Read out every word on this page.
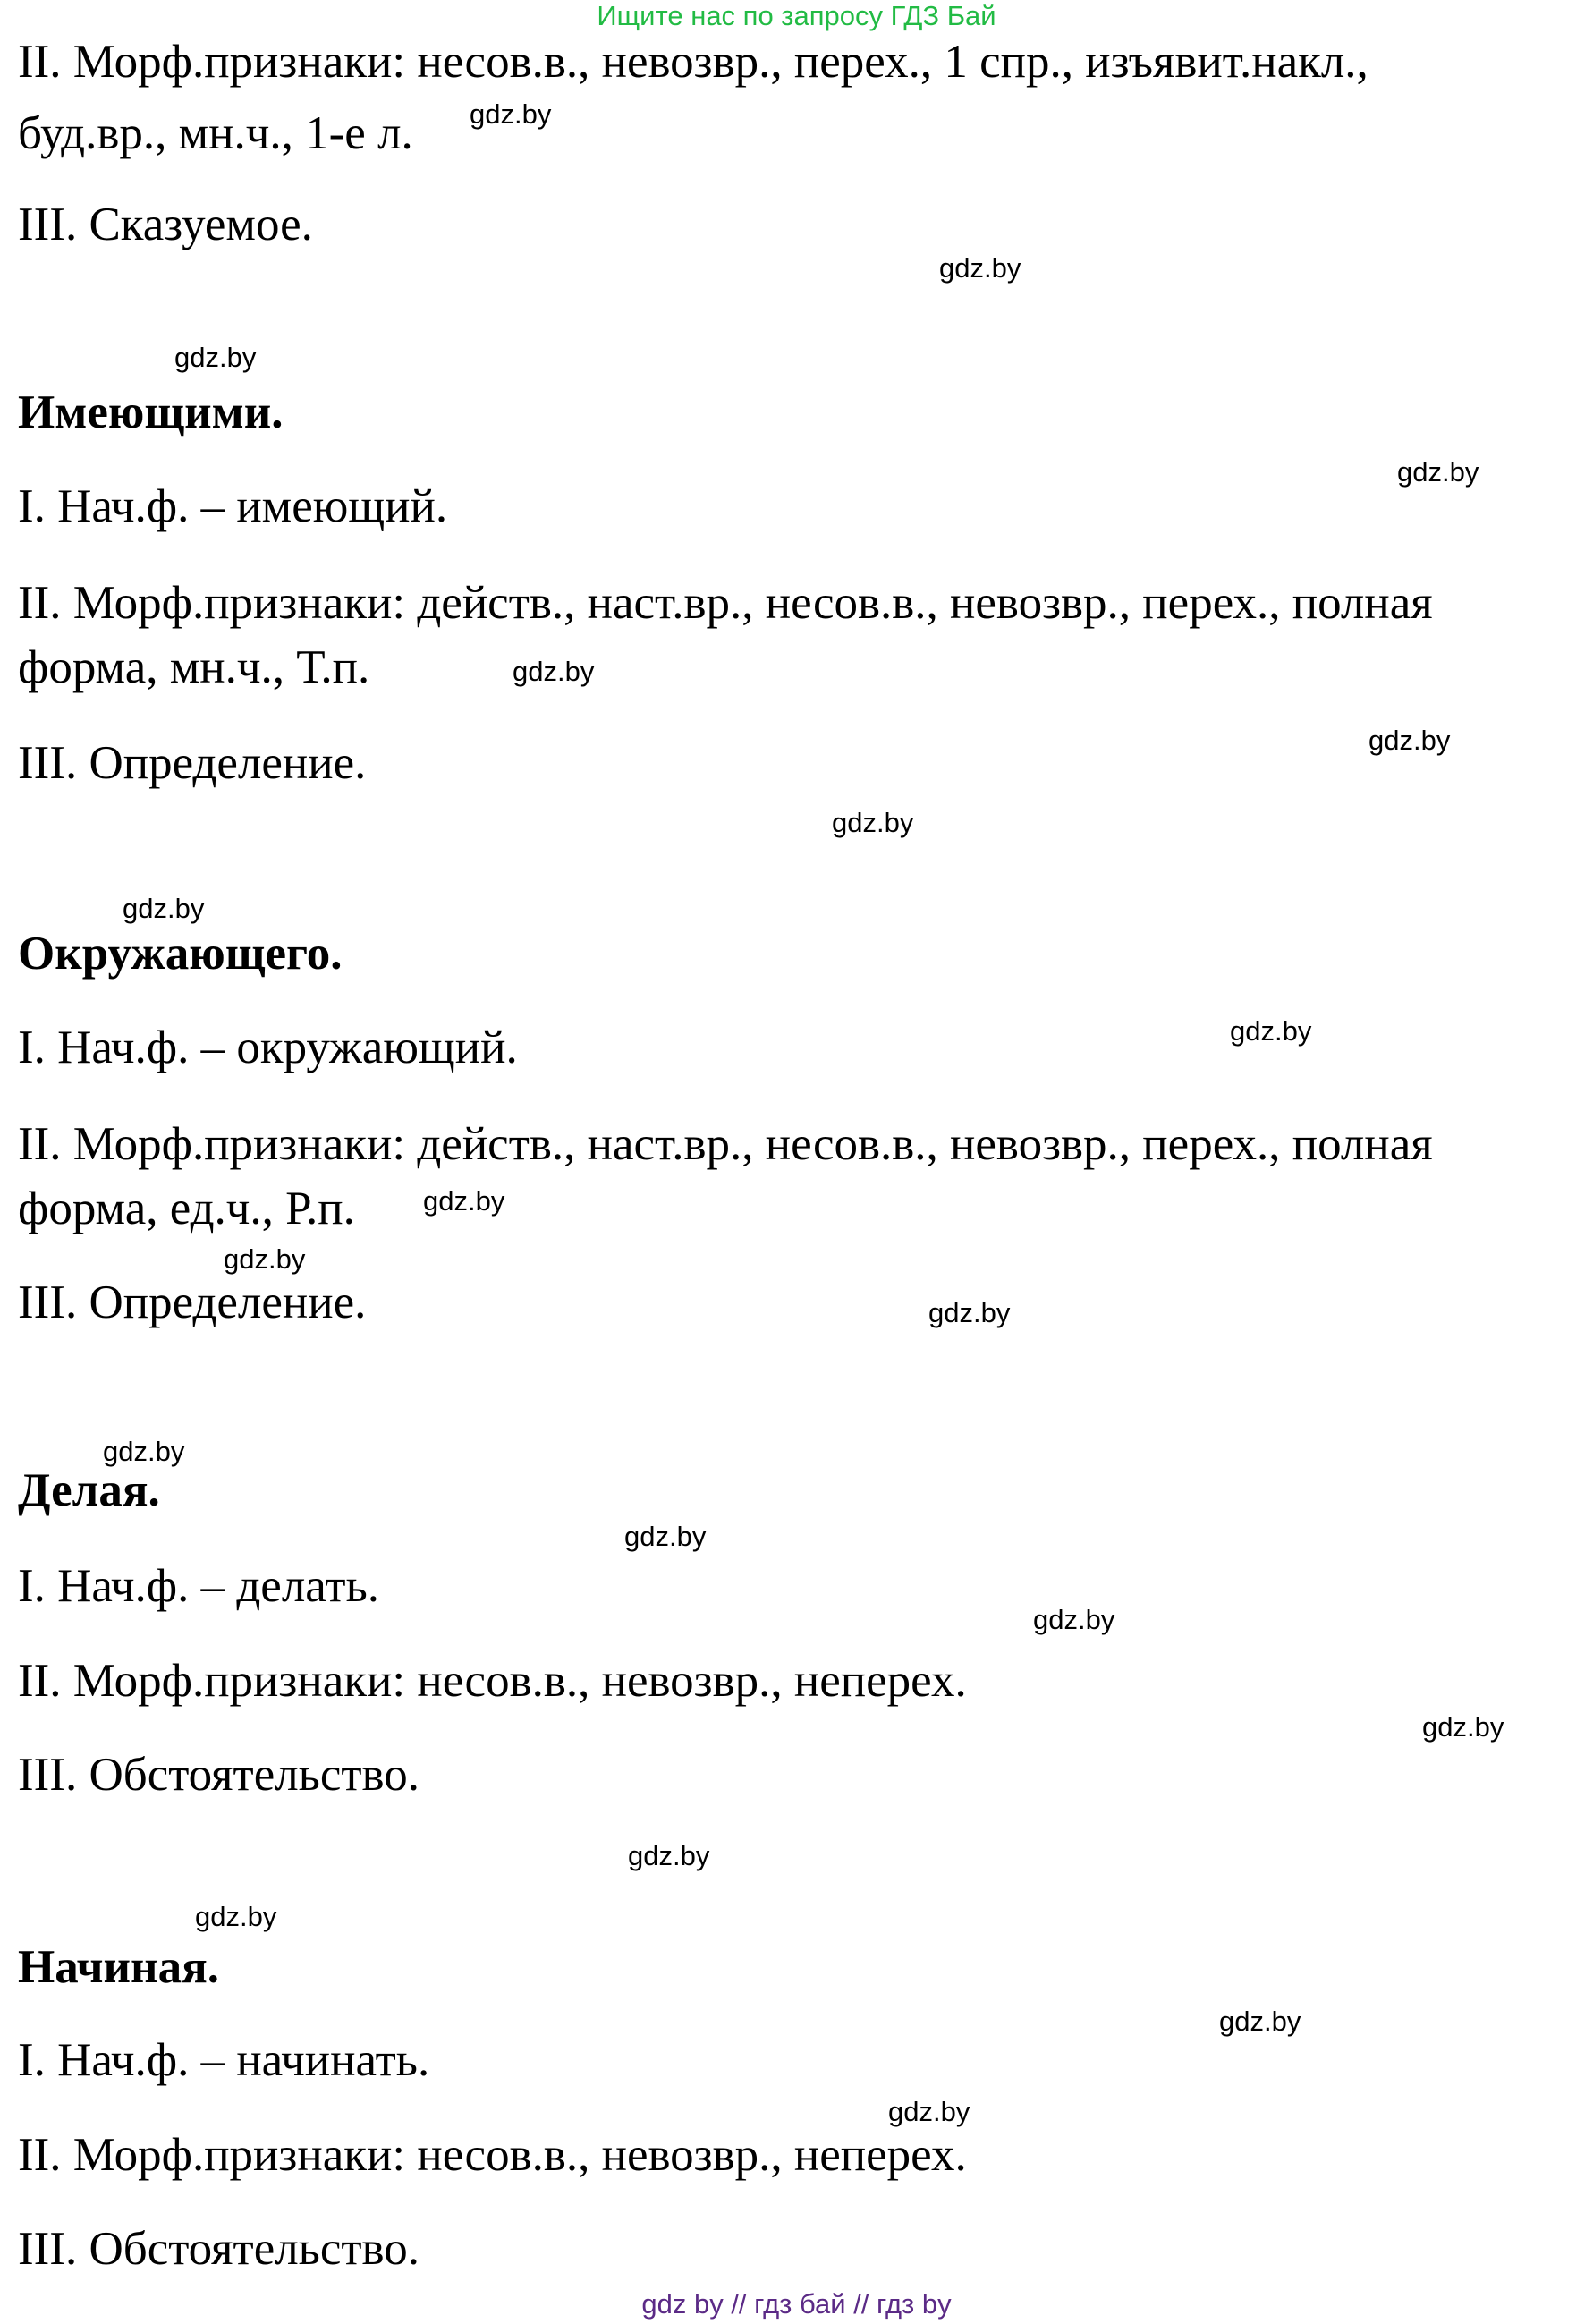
Ищите нас по запросу ГДЗ Бай
II. Морф.признаки: несов.в., невозвр., перех., 1 спр., изъявит.накл.,
буд.вр., мн.ч., 1-е л.
III. Сказуемое.
Имеющими.
I. Нач.ф. – имеющий.
II. Морф.признаки: действ., наст.вр., несов.в., невозвр., перех., полная
форма, мн.ч., Т.п.
III. Определение.
Окружающего.
I. Нач.ф. – окружающий.
II. Морф.признаки: действ., наст.вр., несов.в., невозвр., перех., полная
форма, ед.ч., Р.п.
III. Определение.
Делая.
I. Нач.ф. – делать.
II. Морф.признаки: несов.в., невозвр., неперех.
III. Обстоятельство.
Начиная.
I. Нач.ф. – начинать.
II. Морф.признаки: несов.в., невозвр., неперех.
III. Обстоятельство.
gdz.by
gdz.by
gdz.by
gdz.by
gdz.by
gdz.by
gdz.by
gdz.by
gdz.by
gdz.by
gdz.by
gdz.by
gdz.by
gdz.by
gdz.by
gdz.by
gdz.by
gdz.by
gdz.by
gdz.by
gdz by // гдз бай // гдз by
